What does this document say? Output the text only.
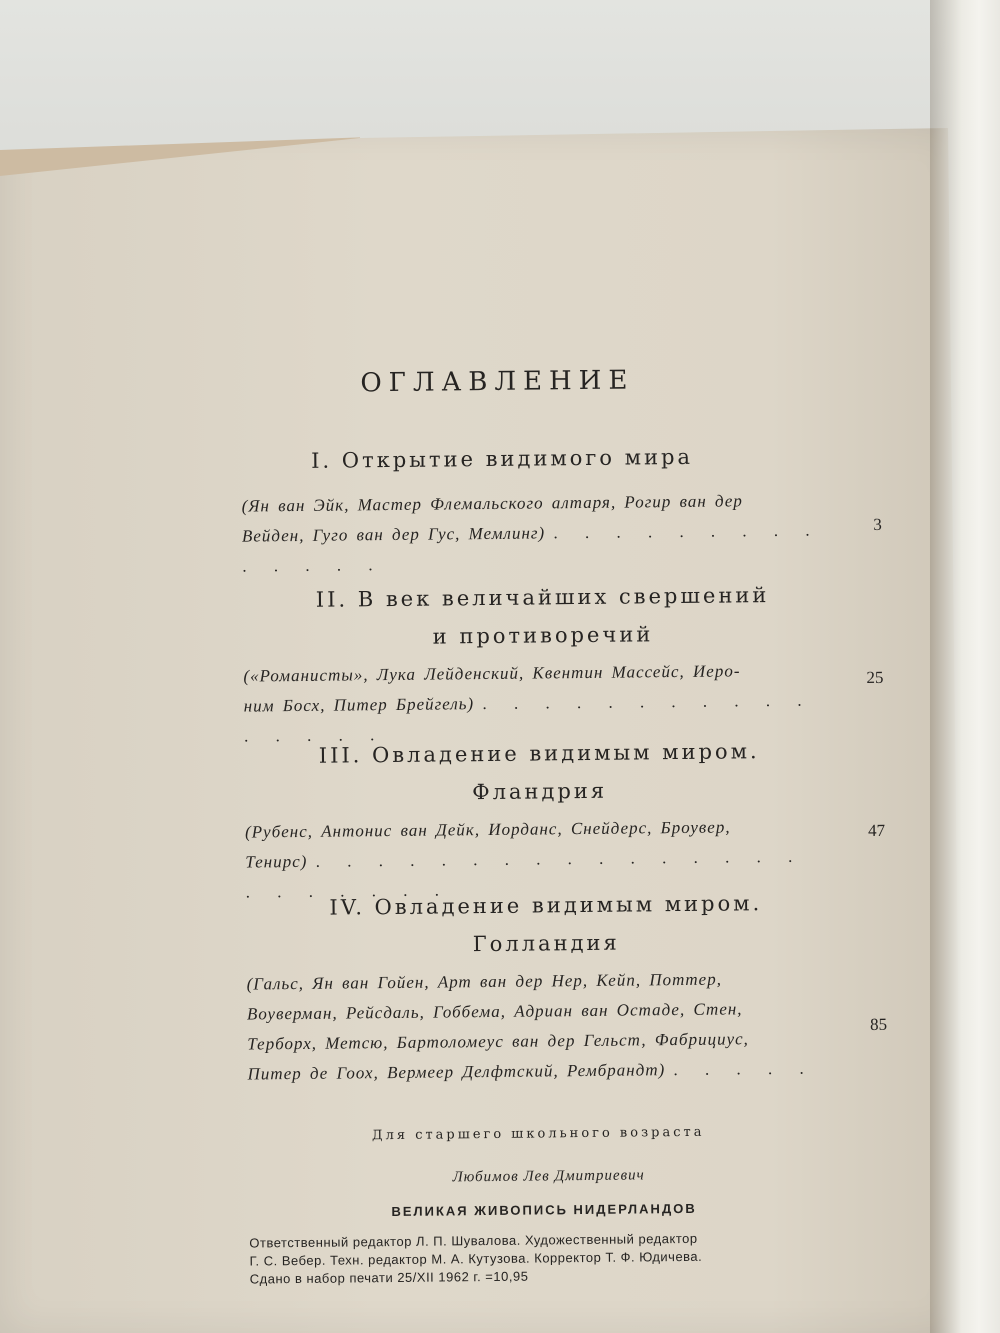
ОГЛАВЛЕНИЕ
I. Открытие видимого мира
(Ян ван Эйк, Мастер Флемальского алтаря, Рогир ван дер
Вейден, Гуго ван дер Гус, Мемлинг) . . . . . . . . . . . . . .
3
II. В век величайших свершений
и противоречий
(«Романисты», Лука Лейденский, Квентин Массейс, Иеро-
ним Босх, Питер Брейгель) . . . . . . . . . . . . . . . .
25
III. Овладение видимым миром.
Фландрия
(Рубенс, Антонис ван Дейк, Иорданс, Снейдерс, Броувер,
Тенирс) . . . . . . . . . . . . . . . . . . . . . . .
47
IV. Овладение видимым миром.
Голландия
(Гальс, Ян ван Гойен, Арт ван дер Нер, Кейп, Поттер,
Воуверман, Рейсдаль, Гоббема, Адриан ван Остаде, Стен,
Терборх, Метсю, Бартоломеус ван дер Гельст, Фабрициус,
Питер де Гоох, Вермеер Делфтский, Рембрандт) . . . . .
85
Для старшего школьного возраста
Любимов Лев Дмитриевич
ВЕЛИКАЯ ЖИВОПИСЬ НИДЕРЛАНДОВ
Ответственный редактор Л. П. Шувалова. Художественный редактор
Г. С. Вебер. Техн. редактор М. А. Кутузова. Корректор Т. Ф. Юдичева.
Сдано в набор печати 25/XII 1962 г. =10,95
